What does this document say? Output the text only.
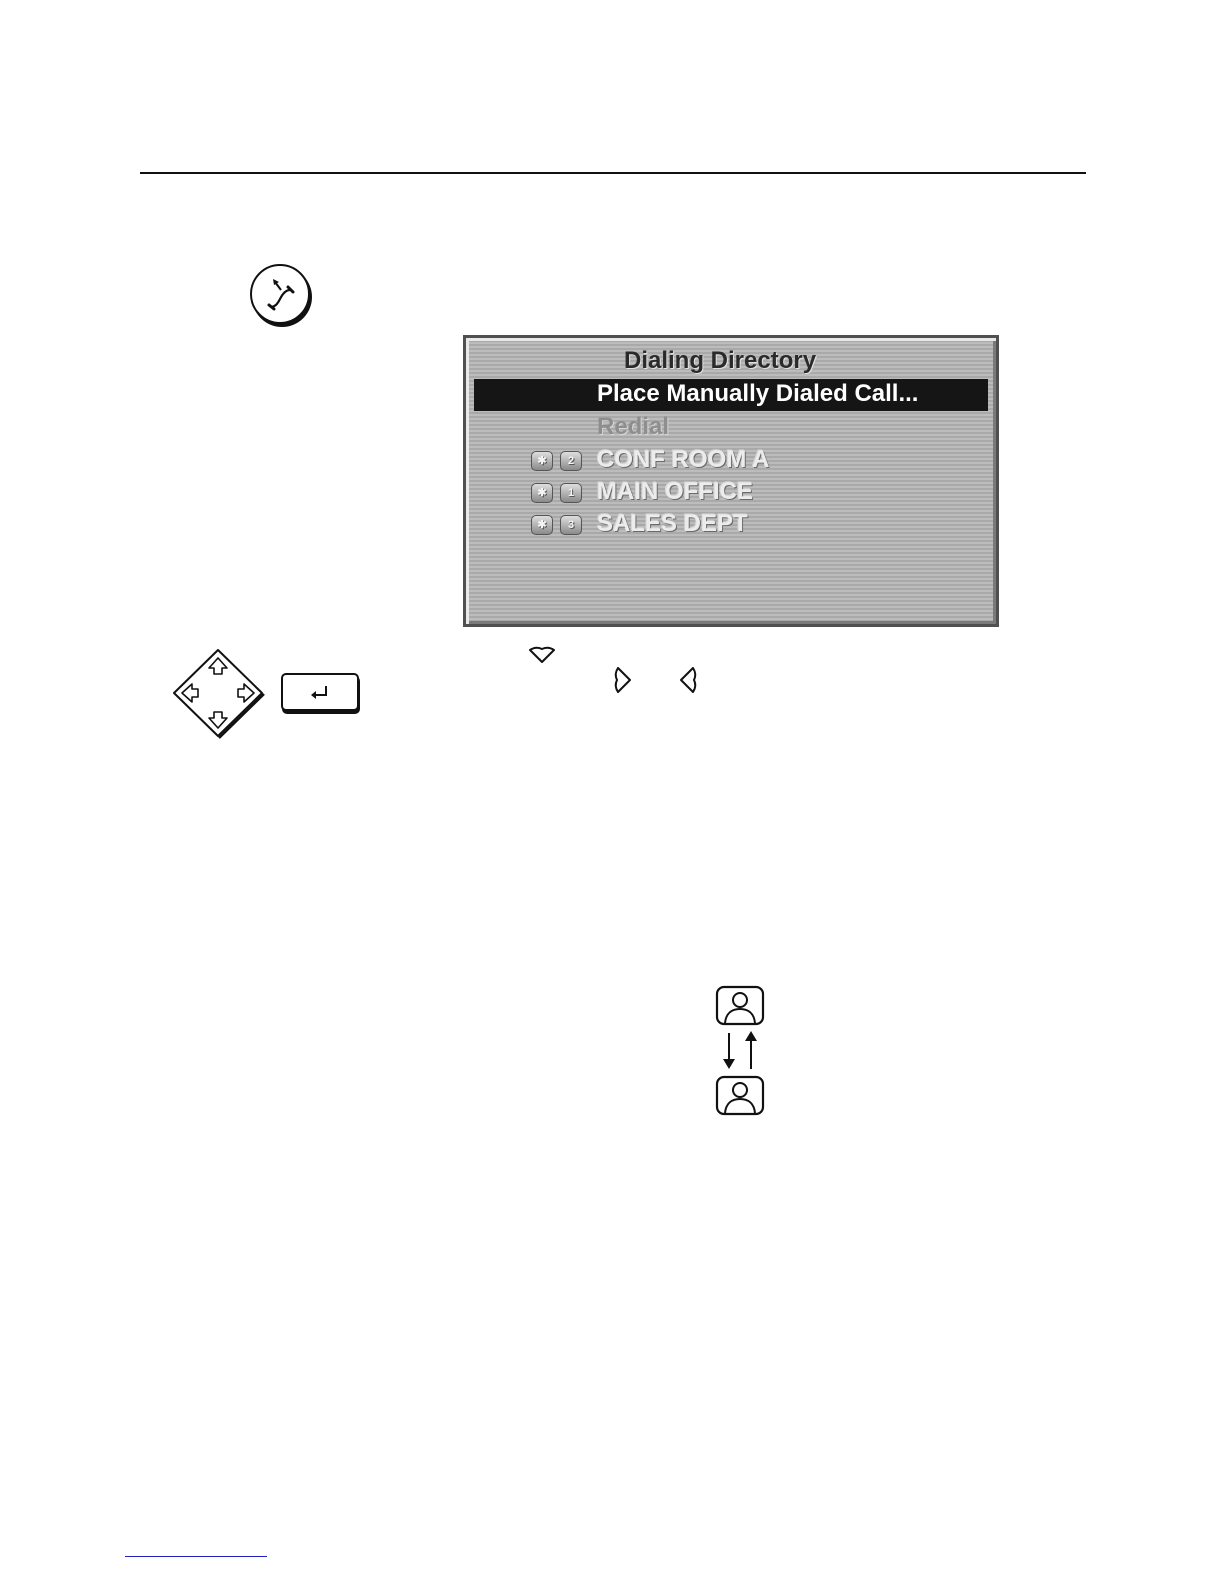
Dialing Directory
Place Manually Dialed Call...
Redial
✱	2 CONF ROOM A
✱	1 MAIN OFFICE
✱	3 SALES DEPT
